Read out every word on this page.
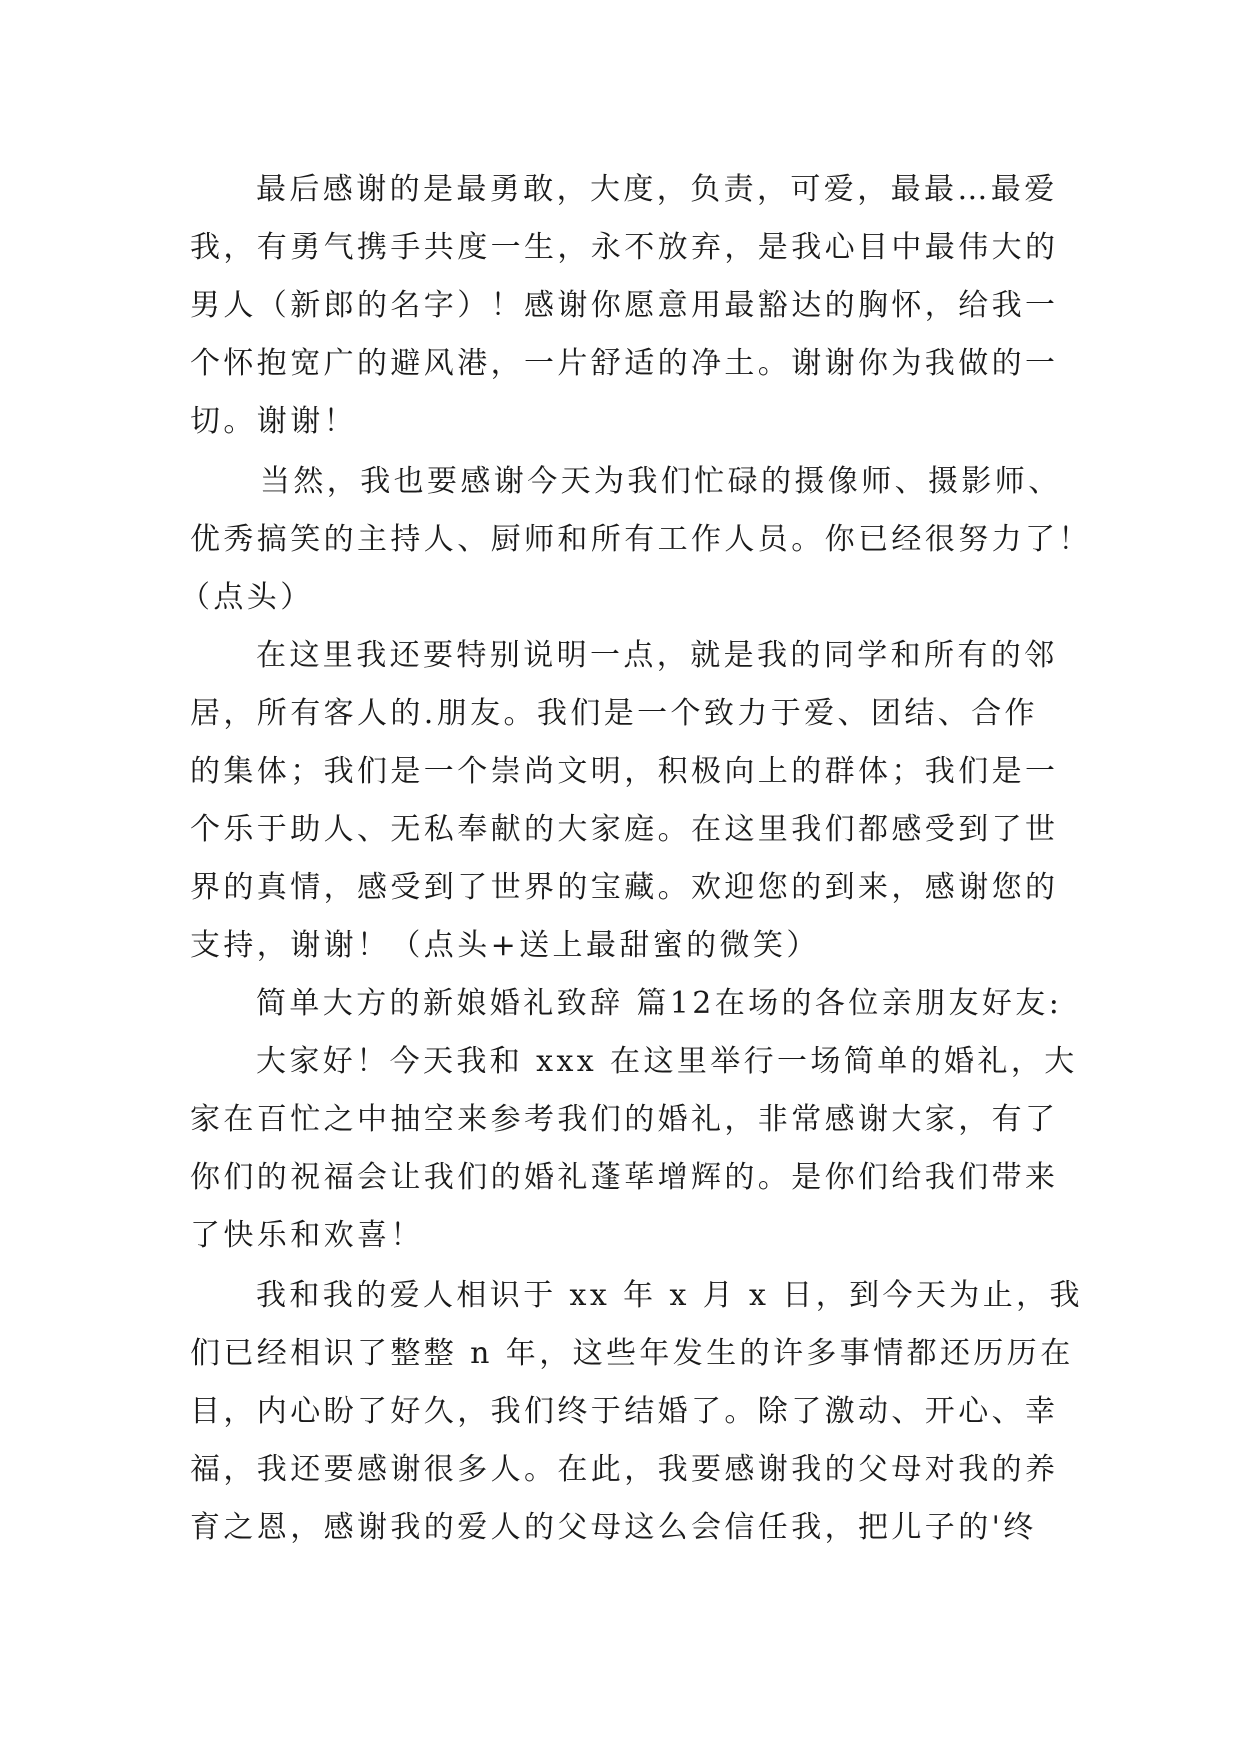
最后感谢的是最勇敢，大度，负责，可爱，最最…最爱
我，有勇气携手共度一生，永不放弃，是我心目中最伟大的
男人（新郎的名字）！感谢你愿意用最豁达的胸怀，给我一
个怀抱宽广的避风港，一片舒适的净土。谢谢你为我做的一
切。谢谢！
当然，我也要感谢今天为我们忙碌的摄像师、摄影师、
优秀搞笑的主持人、厨师和所有工作人员。你已经很努力了！
（点头）
在这里我还要特别说明一点，就是我的同学和所有的邻
居，所有客人的.朋友。我们是一个致力于爱、团结、合作
的集体；我们是一个崇尚文明，积极向上的群体；我们是一
个乐于助人、无私奉献的大家庭。在这里我们都感受到了世
界的真情，感受到了世界的宝藏。欢迎您的到来，感谢您的
支持，谢谢！（点头+送上最甜蜜的微笑）
简单大方的新娘婚礼致辞 篇12在场的各位亲朋友好友:
大家好！今天我和 xxx 在这里举行一场简单的婚礼，大
家在百忙之中抽空来参考我们的婚礼，非常感谢大家，有了
你们的祝福会让我们的婚礼蓬荜增辉的。是你们给我们带来
了快乐和欢喜！
我和我的爱人相识于 xx 年 x 月 x 日，到今天为止，我
们已经相识了整整 n 年，这些年发生的许多事情都还历历在
目，内心盼了好久，我们终于结婚了。除了激动、开心、幸
福，我还要感谢很多人。在此，我要感谢我的父母对我的养
育之恩，感谢我的爱人的父母这么会信任我，把儿子的'终
